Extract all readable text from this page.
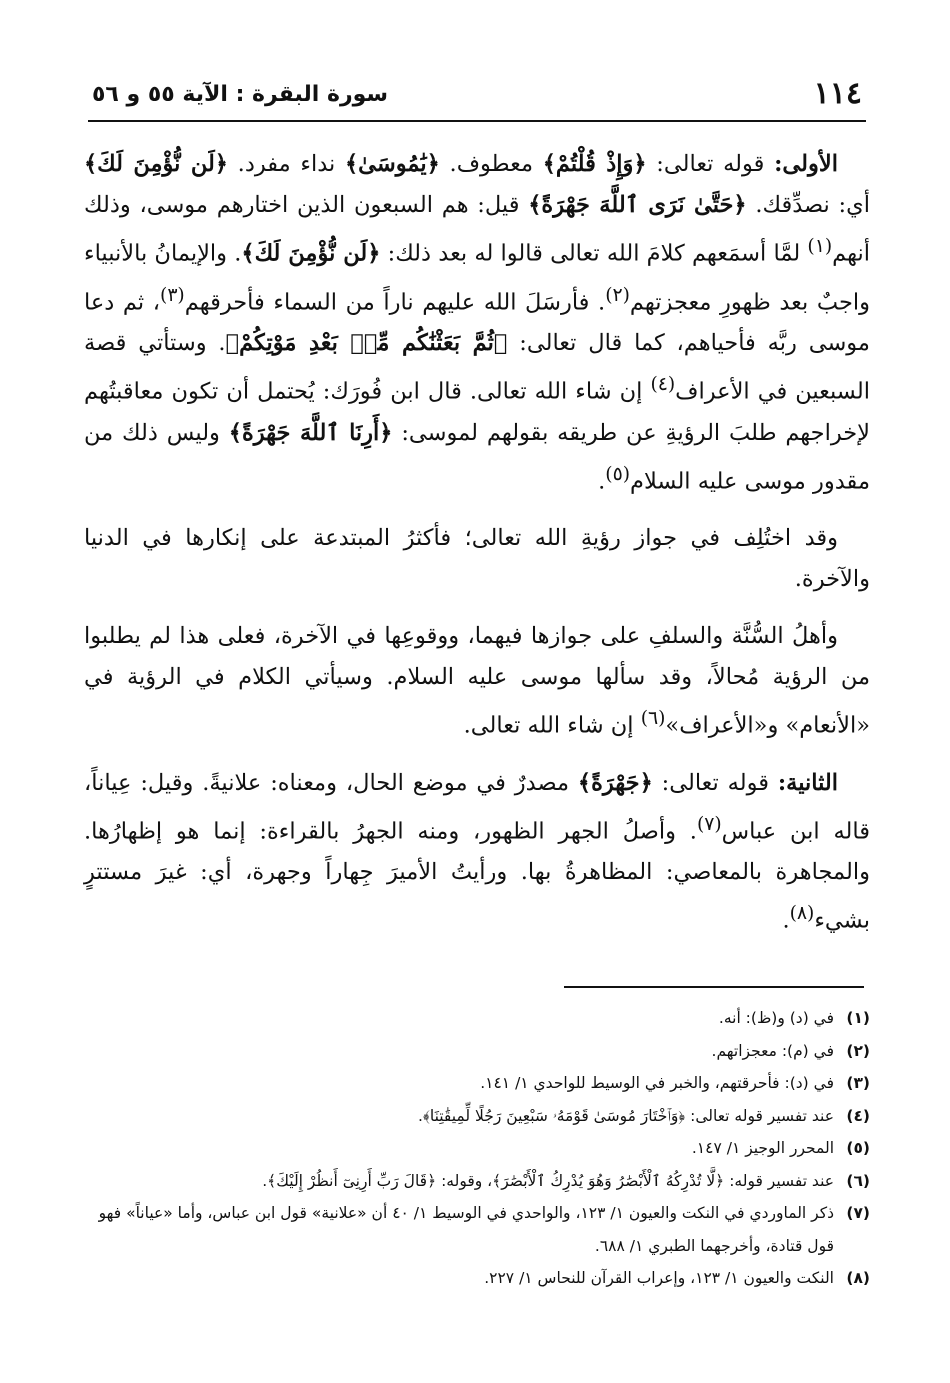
١١٤
سورة البقرة : الآية ٥٥ و ٥٦

الأولى: قوله تعالى: ﴿وَإِذْ قُلْتُمْ﴾ معطوف. ﴿يَٰمُوسَىٰ﴾ نداء مفرد. ﴿لَن نُّؤْمِنَ لَكَ﴾ أي: نصدِّقك. ﴿حَتَّىٰ نَرَى ٱللَّهَ جَهْرَةً﴾ قيل: هم السبعون الذين اختارهم موسى، وذلك أنهم$^{(١)}$ لمَّا أسمَعهم كلامَ الله تعالى قالوا له بعد ذلك: ﴿لَن نُّؤْمِنَ لَكَ﴾. والإيمانُ بالأنبياء واجبٌ بعد ظهورِ معجزتهم$^{(٢)}$. فأرسَلَ الله عليهم ناراً من السماء فأحرقهم$^{(٣)}$، ثم دعا موسى ربَّه فأحياهم، كما قال تعالى: ﴿ثُمَّ بَعَثْنَٰكُم مِّنۢ بَعْدِ مَوْتِكُمْ﴾. وستأتي قصة السبعين في الأعراف$^{(٤)}$ إن شاء الله تعالى. قال ابن فُورَك: يُحتمل أن تكون معاقبتُهم لإخراجهم طلبَ الرؤيةِ عن طريقه بقولهم لموسى: ﴿أَرِنَا ٱللَّهَ جَهْرَةً﴾ وليس ذلك من مقدور موسى عليه السلام$^{(٥)}$.

وقد اختُلِف في جواز رؤيةِ الله تعالى؛ فأكثرُ المبتدعة على إنكارها في الدنيا والآخرة.

وأهلُ السُّنَّة والسلفِ على جوازها فيهما، ووقوعِها في الآخرة، فعلى هذا لم يطلبوا من الرؤية مُحالاً، وقد سألها موسى عليه السلام. وسيأتي الكلام في الرؤية في «الأنعام» و«الأعراف»$^{(٦)}$ إن شاء الله تعالى.

الثانية: قوله تعالى: ﴿جَهْرَةً﴾ مصدرٌ في موضع الحال، ومعناه: علانيةً. وقيل: عِياناً، قاله ابن عباس$^{(٧)}$. وأصلُ الجهر الظهور، ومنه الجهرُ بالقراءة: إنما هو إظهارُها. والمجاهرة بالمعاصي: المظاهرةُ بها. ورأيتُ الأميرَ جِهاراً وجهرة، أي: غيرَ مستترٍ بشيء$^{(٨)}$.

(١)
في (د) و(ظ): أنه.
(٢)
في (م): معجزاتهم.
(٣)
في (د): فأحرقتهم، والخبر في الوسيط للواحدي ١/ ١٤١.
(٤)
عند تفسير قوله تعالى: ﴿وَٱخْتَارَ مُوسَىٰ قَوْمَهُۥ سَبْعِينَ رَجُلًا لِّمِيقَٰتِنَا﴾.
(٥)
المحرر الوجيز ١/ ١٤٧.
(٦)
عند تفسير قوله: ﴿لَّا تُدْرِكُهُ ٱلْأَبْصَٰرُ وَهُوَ يُدْرِكُ ٱلْأَبْصَٰرَ﴾، وقوله: ﴿قَالَ رَبِّ أَرِنِىٓ أَنظُرْ إِلَيْكَ﴾.
(٧)
ذكر الماوردي في النكت والعيون ١/ ١٢٣، والواحدي في الوسيط ١/ ٤٠ أن «علانية» قول ابن عباس، وأما «عياناً» فهو قول قتادة، وأخرجهما الطبري ١/ ٦٨٨.
(٨)
النكت والعيون ١/ ١٢٣، وإعراب القرآن للنحاس ١/ ٢٢٧.
